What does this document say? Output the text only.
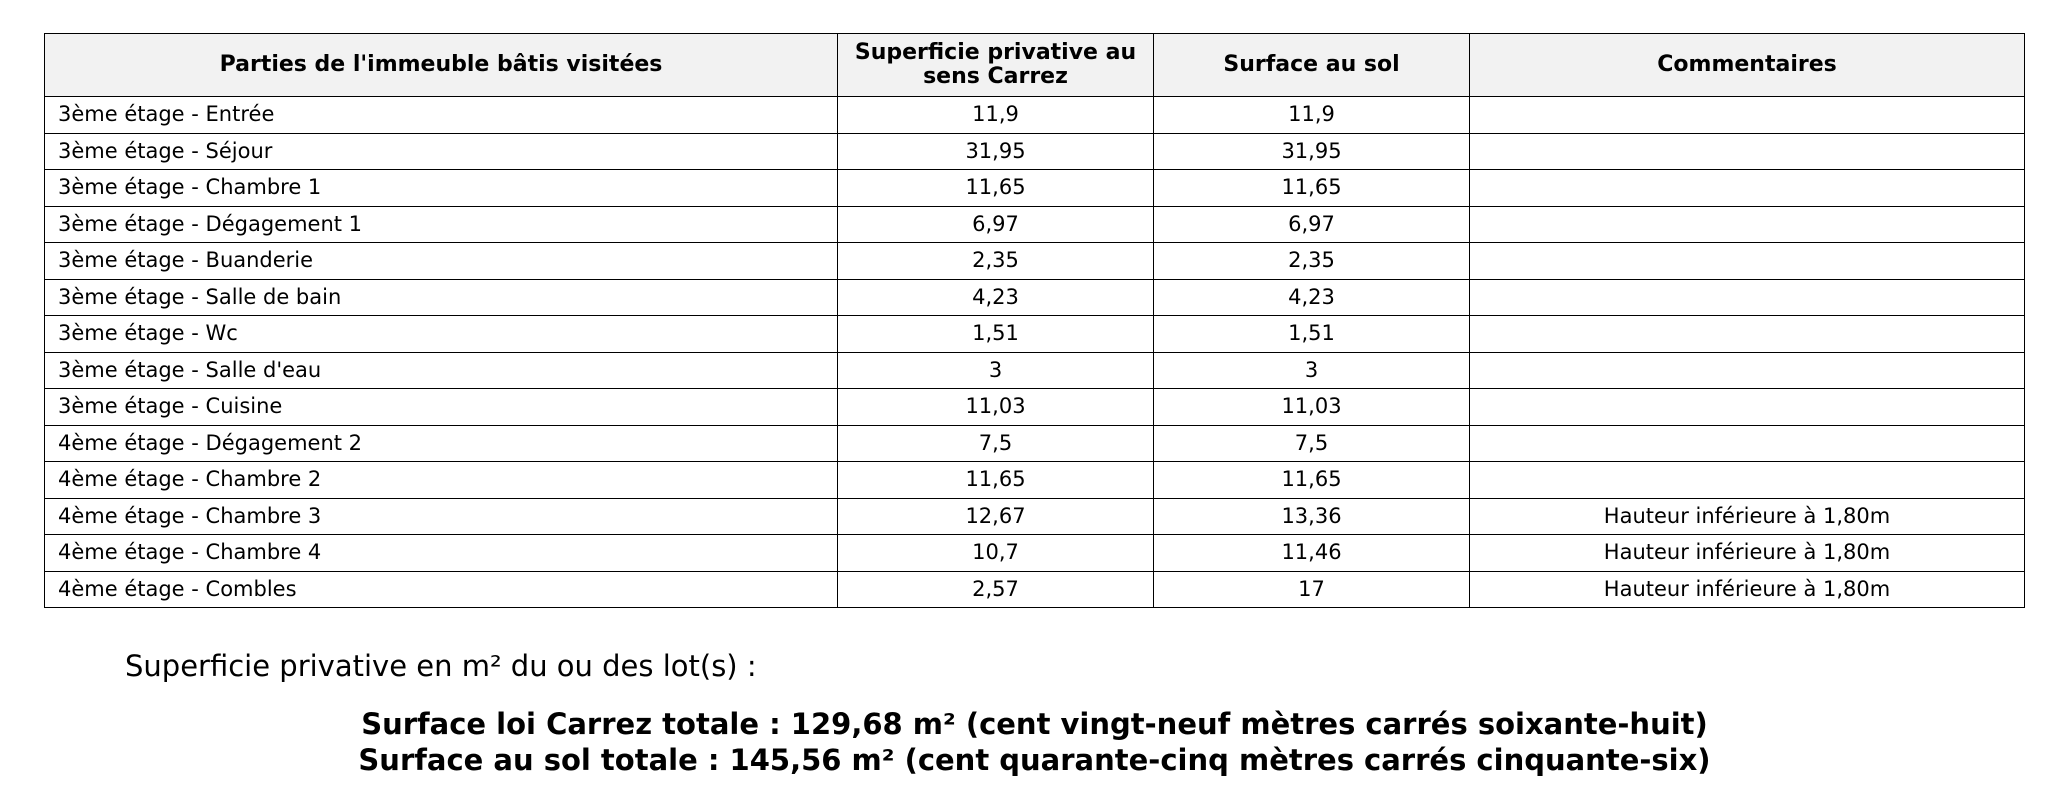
Parties de l'immeuble bâtis visitées	Superficie privative au sens Carrez	Surface au sol	Commentaires
3ème étage - Entrée	11,9	11,9	
3ème étage - Séjour	31,95	31,95	
3ème étage - Chambre 1	11,65	11,65	
3ème étage - Dégagement 1	6,97	6,97	
3ème étage - Buanderie	2,35	2,35	
3ème étage - Salle de bain	4,23	4,23	
3ème étage - Wc	1,51	1,51	
3ème étage - Salle d'eau	3	3	
3ème étage - Cuisine	11,03	11,03	
4ème étage - Dégagement 2	7,5	7,5	
4ème étage - Chambre 2	11,65	11,65	
4ème étage - Chambre 3	12,67	13,36	Hauteur inférieure à 1,80m
4ème étage - Chambre 4	10,7	11,46	Hauteur inférieure à 1,80m
4ème étage - Combles	2,57	17	Hauteur inférieure à 1,80m
Superficie privative en m² du ou des lot(s) :
Surface loi Carrez totale : 129,68 m² (cent vingt-neuf mètres carrés soixante-huit)
Surface au sol totale : 145,56 m² (cent quarante-cinq mètres carrés cinquante-six)
